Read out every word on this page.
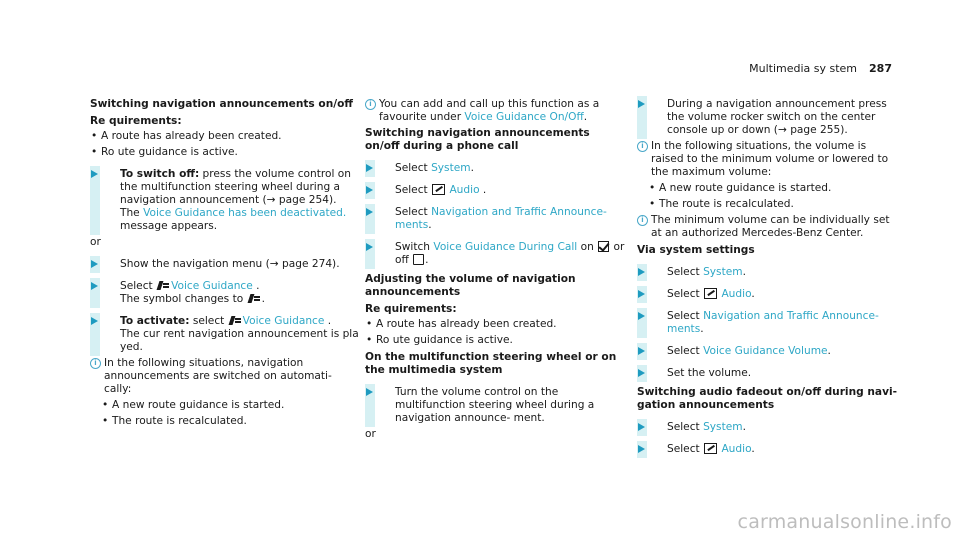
Multimedia sy stem 287
Switching navigation announcements on/off
Re quirements:
• A route has already been created.
• Ro ute guidance is active.
To switch off: press the volume control on the multifunction steering wheel during a navigation announcement (→ page 254).
The Voice Guidance has been deactivated. message appears.
or
Show the navigation menu (→ page 274).
Select Voice Guidance .
The symbol changes to .
To activate: select Voice Guidance .
The cur rent navigation announcement is pla yed.
i In the following situations, navigation announcements are switched on automati- cally:
• A new route guidance is started.
• The route is recalculated.
i You can add and call up this function as a favourite under Voice Guidance On/Off.
Switching navigation announcements on/off during a phone call
Select System.
Select  Audio .
Select Navigation and Traffic Announce- ments.
Switch Voice Guidance During Call on  or off .
Adjusting the volume of navigation announcements
Re quirements:
• A route has already been created.
• Ro ute guidance is active.
On the multifunction steering wheel or on the multimedia system
Turn the volume control on the multifunction steering wheel during a navigation announce- ment.
or
During a navigation announcement press the volume rocker switch on the center console up or down (→ page 255).
i In the following situations, the volume is raised to the minimum volume or lowered to the maximum volume:
• A new route guidance is started.
• The route is recalculated.
i The minimum volume can be individually set at an authorized Mercedes-Benz Center.
Via system settings
Select System.
Select  Audio.
Select Navigation and Traffic Announce- ments.
Select Voice Guidance Volume.
Set the volume.
Switching audio fadeout on/off during navi- gation announcements
Select System.
Select  Audio.
carmanualsonline.info
